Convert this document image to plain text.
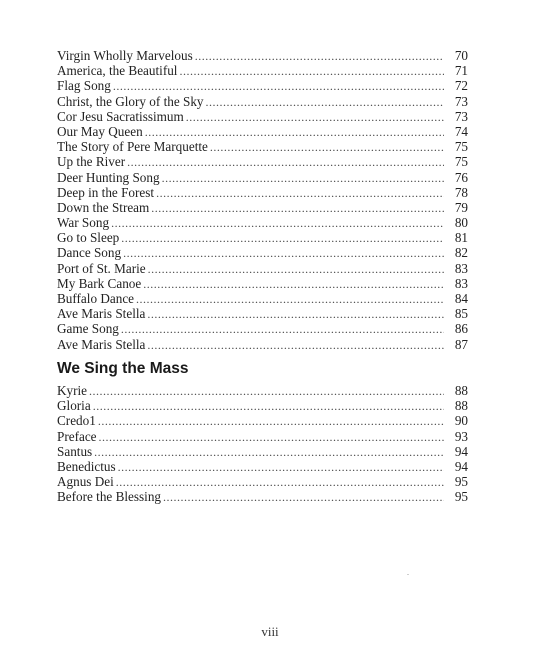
Virgin Wholly Marvelous .....	70
America, the Beautiful .....	71
Flag Song .....	72
Christ, the Glory of the Sky .....	73
Cor Jesu Sacratissimum .....	73
Our May Queen .....	74
The Story of Pere Marquette .....	75
Up the River .....	75
Deer Hunting Song .....	76
Deep in the Forest .....	78
Down the Stream .....	79
War Song .....	80
Go to Sleep .....	81
Dance Song .....	82
Port of St. Marie .....	83
My Bark Canoe .....	83
Buffalo Dance .....	84
Ave Maris Stella .....	85
Game Song .....	86
Ave Maris Stella .....	87
We Sing the Mass
Kyrie .....	88
Gloria .....	88
Credo1 .....	90
Preface .....	93
Santus .....	94
Benedictus .....	94
Agnus Dei .....	95
Before the Blessing .....	95
viii
